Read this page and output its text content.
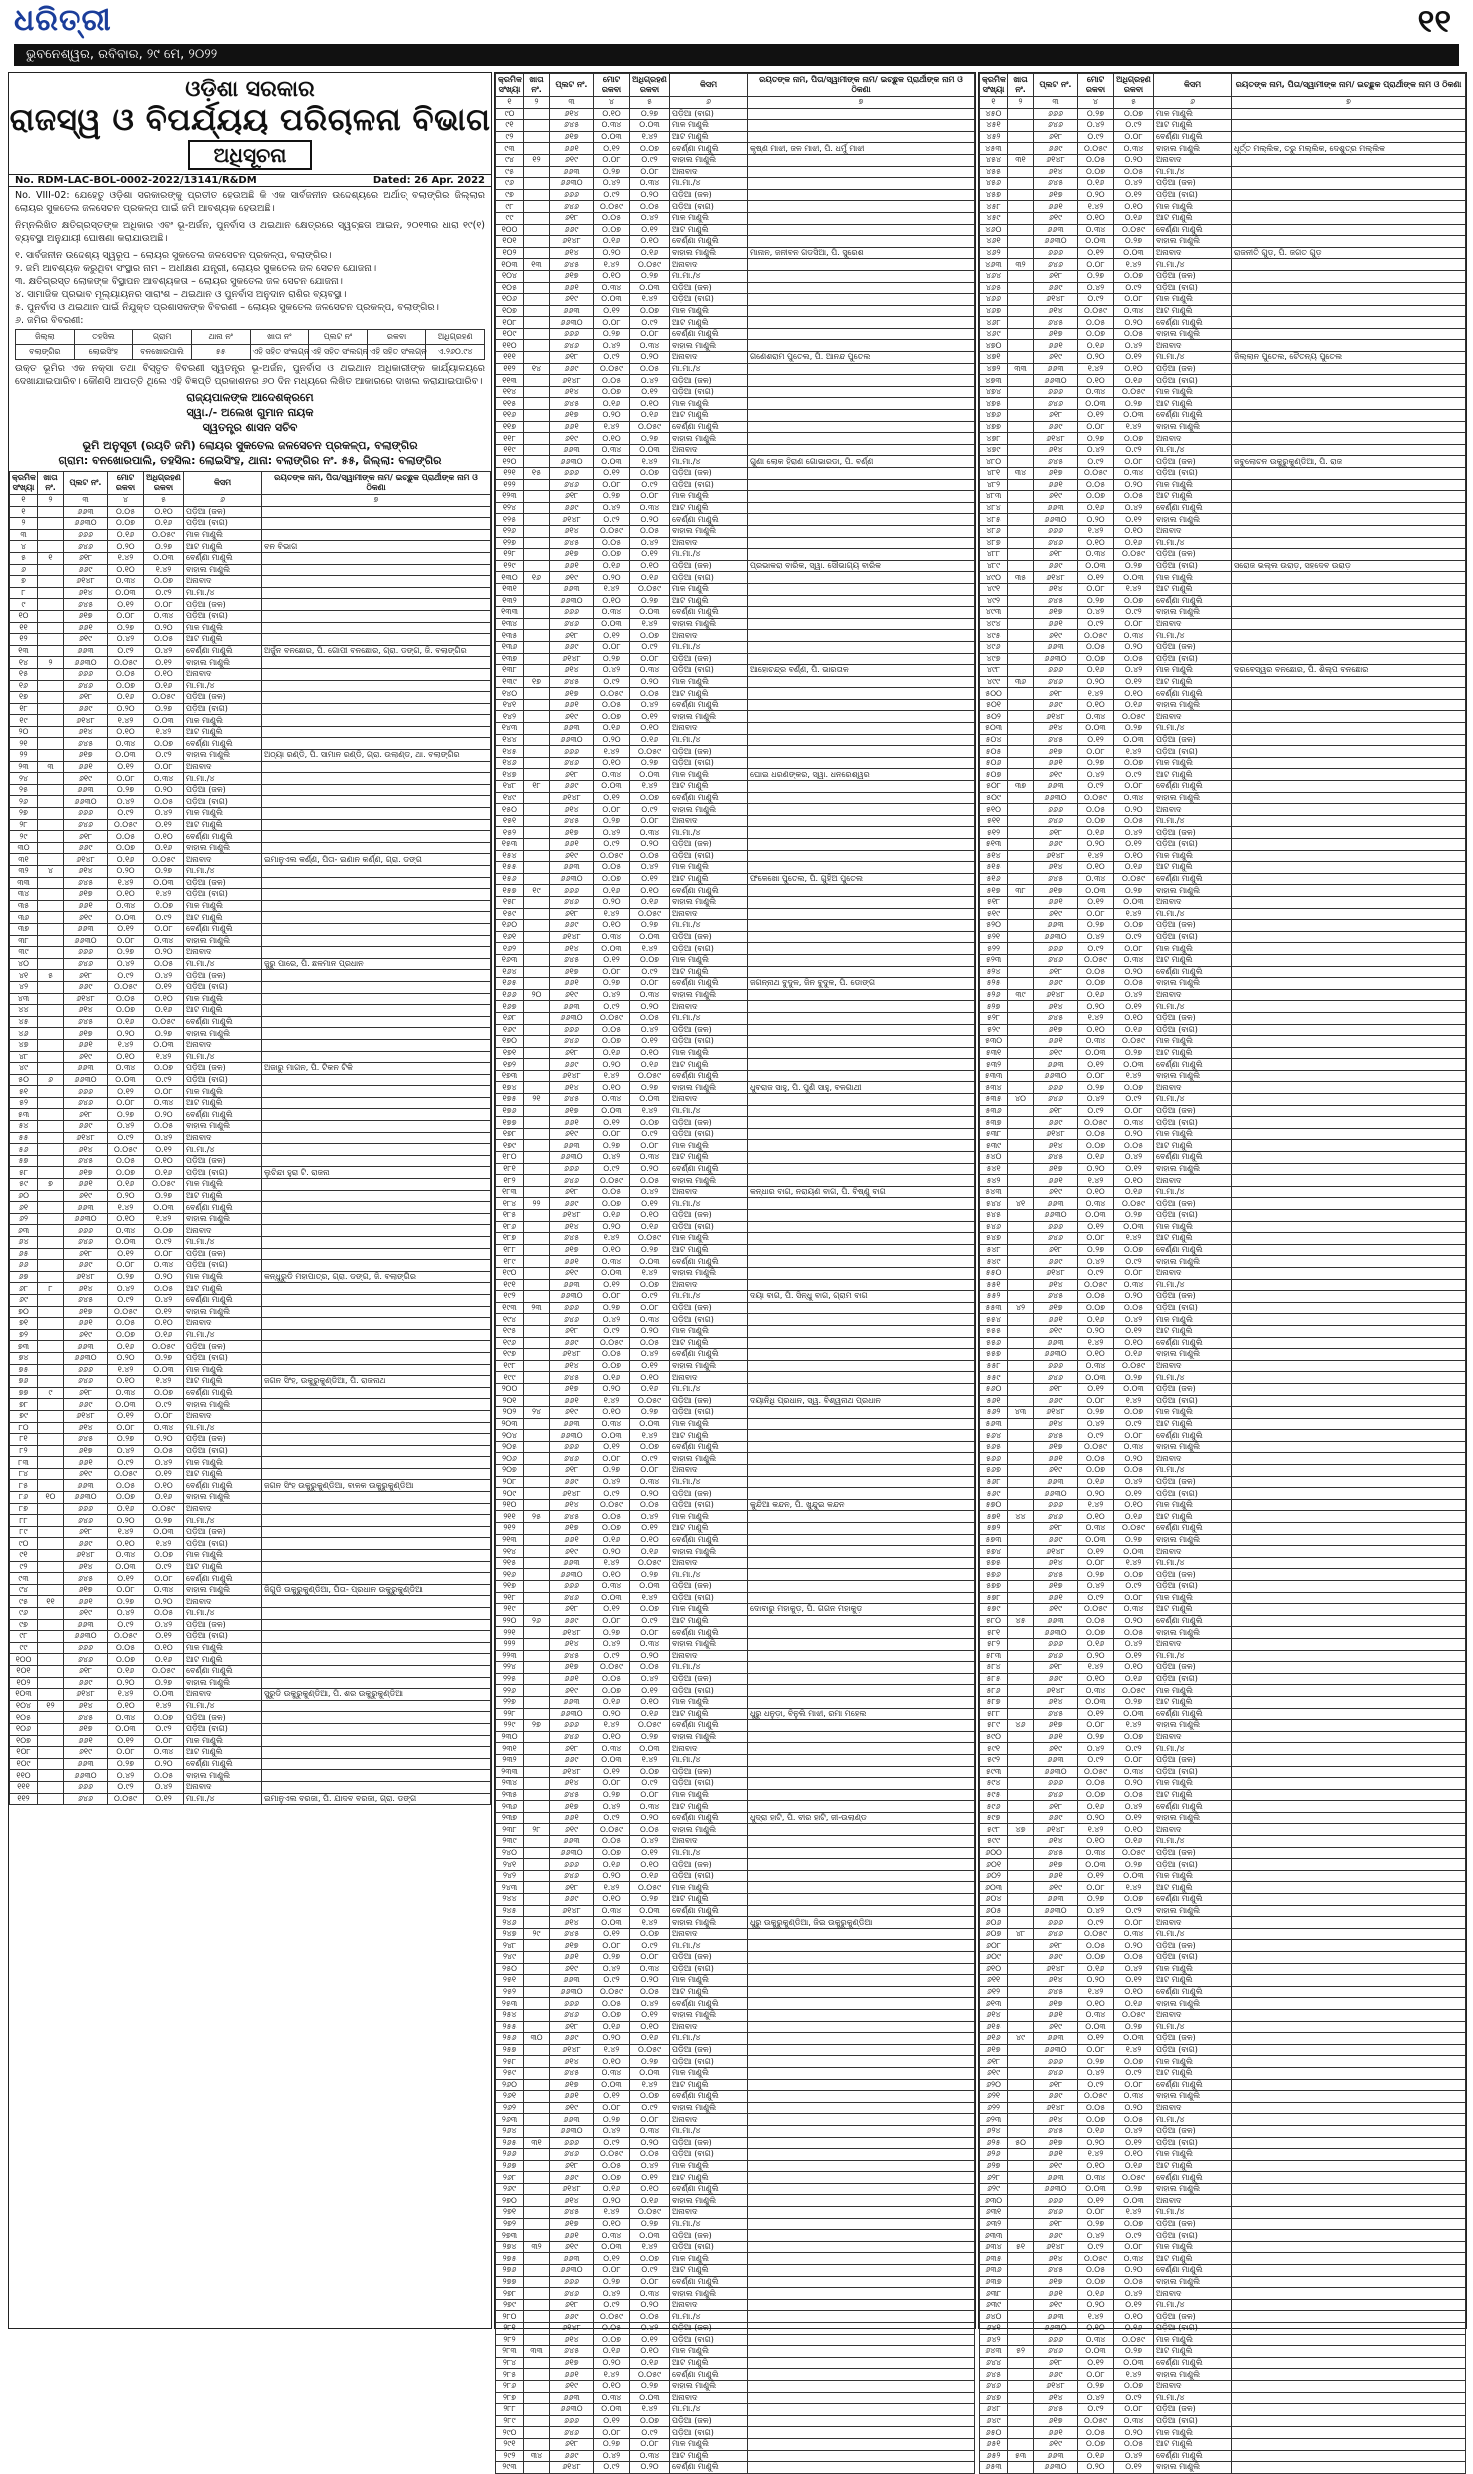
ଧରିତ୍ରୀ	୧୧
ଭୁବନେଶ୍ୱର, ରବିବାର, ୨୯ ମେ, ୨୦୨୨
ଓଡ଼ିଶା ସରକାର
ରାଜସ୍ୱ ଓ ବିପର୍ଯ୍ୟୟ ପରିଚାଳନା ବିଭାଗ
ଅଧିସୂଚନା
No. RDM-LAC-BOL-0002-2022/13141/R&DM	Dated: 26 Apr. 2022
No. VIII-02: ଯେହେତୁ ଓଡ଼ିଶା ସରକାରଙ୍କୁ ପ୍ରତୀତ ହେଉଅଛି କି ଏକ ସାର୍ବଜନୀନ ଉଦ୍ଦେଶ୍ୟରେ ଅର୍ଥାତ୍ ବଲାଙ୍ଗିର ଜିଲ୍ଲାର ଲୋୟର ସୁକତେଲ ଜଳସେଚନ ପ୍ରକଳ୍ପ ପାଇଁ ଜମି ଆବଶ୍ୟକ ହେଉଅଛି।
ନିମ୍ନଲିଖିତ କ୍ଷତିଗ୍ରସ୍ତଙ୍କ ଅଧିକାର ଏବଂ ଭୂ-ଅର୍ଜନ, ପୁନର୍ବାସ ଓ ଥଇଥାନ କ୍ଷେତ୍ରରେ ସ୍ୱଚ୍ଛତା ଆଇନ, ୨୦୧୩ର ଧାରା ୧୯(୧) ବ୍ୟବସ୍ଥା ଅନୁଯାୟୀ ଘୋଷଣା କରାଯାଉଅଛି।
୧. ସାର୍ବଜନୀନ ଉଦ୍ଦେଶ୍ୟ ସ୍ୱରୂପ – ଲୋୟର ସୁକତେଲ ଜଳସେଚନ ପ୍ରକଳ୍ପ, ବଲାଙ୍ଗିର।
୨. ଜମି ଆବଶ୍ୟକ କରୁଥିବା ସଂସ୍ଥାର ନାମ – ଅଧୀକ୍ଷଣ ଯନ୍ତ୍ରୀ, ଲୋୟର ସୁକତେଲ ଜଳ ସେଚନ ଯୋଜନା।
୩. କ୍ଷତିଗ୍ରସ୍ତ ଲୋକଙ୍କ ବିସ୍ଥାପନ ଆବଶ୍ୟକତା – ଲୋୟର ସୁକତେଲ ଜଳ ସେଚନ ଯୋଜନା।
୪. ସାମାଜିକ ପ୍ରଭାବ ମୂଲ୍ୟାୟନର ସାରାଂଶ – ଥଇଥାନ ଓ ପୁନର୍ବାସ ଅନୁଦାନ ରାଶିର ବ୍ୟବସ୍ଥା।
୫. ପୁନର୍ବାସ ଓ ଥଇଥାନ ପାଇଁ ନିଯୁକ୍ତ ପ୍ରଶାସକଙ୍କ ବିବରଣୀ – ଲୋୟର ସୁକତେଲ ଜଳସେଚନ ପ୍ରକଳ୍ପ, ବଲାଙ୍ଗିର।
୬. ଜମିର ବିବରଣୀ:
ଜିଲ୍ଲା	ତହସିଲ	ଗ୍ରାମ	ଥାନା ନଂ	ଖାତା ନଂ	ପ୍ଲଟ ନଂ	ରକବା	ଅଧିଗ୍ରହଣ
ବଲାଙ୍ଗିର	ଲୋଇସିଂହ	ବନଖୋରପାଲି	୫୫	ଏହି ସହିତ ସଂଲଗ୍ନ	ଏହି ସହିତ ସଂଲଗ୍ନ	ଏହି ସହିତ ସଂଲଗ୍ନ	ଏ.୨୬୦.୯୪
ଉକ୍ତ ଭୂମିର ଏକ ନକ୍ସା ତଥା ବିସ୍ତୃତ ବିବରଣୀ ସ୍ୱତନ୍ତ୍ର ଭୂ-ଅର୍ଜନ, ପୁନର୍ବାସ ଓ ଥଇଥାନ ଅଧିକାରୀଙ୍କ କାର୍ଯ୍ୟାଳୟରେ ଦେଖାଯାଇପାରିବ। କୌଣସି ଆପତ୍ତି ଥିଲେ ଏହି ବିଜ୍ଞପ୍ତି ପ୍ରକାଶନର ୬୦ ଦିନ ମଧ୍ୟରେ ଲିଖିତ ଆକାରରେ ଦାଖଲ କରାଯାଇପାରିବ।
ରାଜ୍ୟପାଳଙ୍କ ଆଦେଶକ୍ରମେ
ସ୍ୱା./- ଅଲେଖ ଗୁମାନ ନାୟକ
ସ୍ୱତନ୍ତ୍ର ଶାସନ ସଚିବ
ଭୂମି ଅନୁସୂଚୀ (ରୟତି ଜମି) ଲୋୟର ସୁକତେଲ ଜଳସେଚନ ପ୍ରକଳ୍ପ, ବଲାଙ୍ଗିର
ଗ୍ରାମ: ବନଖୋରପାଲି, ତହସିଲ: ଲୋଇସିଂହ, ଥାନା: ବଲାଙ୍ଗିର ନଂ. ୫୫, ଜିଲ୍ଲା: ବଲାଙ୍ଗିର
କ୍ରମିକ ସଂଖ୍ୟା	ଖାତା ନଂ.	ପ୍ଲଟ ନଂ.	ମୋଟ ରକବା	ଅଧିଗ୍ରହଣ ରକବା	କିସମ	ରୟତଙ୍କ ନାମ, ପିତା/ସ୍ୱାମୀଙ୍କ ନାମ/ ଇଚ୍ଛୁକ ପ୍ରାର୍ଥୀଙ୍କ ନାମ ଓ ଠିକଣା
୧	୨	୩	୪	୫	୬	୭
୧		୬୬୩	୦.୦୫	୦.୧୦	ପଡ଼ିଆ (ଜଳ)	
୨		୬୬୩୦	୦.୦୭	୦.୧୬	ପଡ଼ିଆ (ବାଗ)	
୩		୬୬୬	୦.୧୬	୦.୦୫୯	ମାଳ ମାଣୁଲି	
୪		୬୪୬	୦.୨୦	୦.୨୭	ଆଟ ମାଣୁଲି	ବନ ବିଭାଗ
୫	୧	୬୧୮	୧.୪୨	୦.୦୩	ବେର୍ଣ୍ଣା ମାଣୁଲି	
୬		୬୬୯	୦.୧୦	୧.୪୨	ବାହାଲ ମାଣୁଲି	
୭		୬୧୪୮	୦.୩୪	୦.୦୭	ଅନାବାଦ	
୮		୬୧୪	୦.୦୩	୦.୯୨	ମା.ମା./୪	
୯		୬୪୫	୦.୧୨	୦.୦୮	ପଡ଼ିଆ (ଜଳ)	
୧୦		୬୧୭	୦.୦୮	୦.୩୪	ପଡ଼ିଆ (ବାଗ)	
୧୧		୬୬୧	୦.୨୭	୦.୨୦	ମାଳ ମାଣୁଲି	
୧୨		୬୧୯	୦.୪୨	୦.୦୫	ଆଟ ମାଣୁଲି	
୧୩		୬୬୩	୦.୯୨	୦.୪୨	ବେର୍ଣ୍ଣା ମାଣୁଲି	ଅର୍ଜୁନ ବନଛୋର, ପି. ଗୋପୀ ବନଛୋର, ଗ୍ରା. ଡଙ୍ଗ, ଜି. ବଲାଙ୍ଗିର
୧୪	୨	୬୬୩୦	୦.୦୫୯	୦.୧୨	ବାହାଲ ମାଣୁଲି	
୧୫		୬୬୬	୦.୦୫	୦.୧୦	ଅନାବାଦ	
୧୬		୬୪୬	୦.୦୭	୦.୧୬	ମା.ମା./୪	
୧୭		୬୧୮	୦.୧୬	୦.୦୫୯	ପଡ଼ିଆ (ଜଳ)	
୧୮		୬୬୯	୦.୨୦	୦.୨୭	ପଡ଼ିଆ (ବାଗ)	
୧୯		୬୧୪୮	୧.୪୨	୦.୦୩	ମାଳ ମାଣୁଲି	
୨୦		୬୧୪	୦.୧୦	୧.୪୨	ଆଟ ମାଣୁଲି	
୨୧		୬୪୫	୦.୩୪	୦.୦୭	ବେର୍ଣ୍ଣା ମାଣୁଲି	
୨୨		୬୧୭	୦.୦୩	୦.୯୨	ବାହାଲ ମାଣୁଲି	ଅଠ୍ୟା ରଣ୍ଡି, ପି. ସାମାନ ରଣ୍ଡି, ଗ୍ରା. ଉଲାଣ୍ଡ, ଥା. ବଲାଙ୍ଗିର
୨୩	୩	୬୬୧	୦.୧୨	୦.୦୮	ଅନାବାଦ	
୨୪		୬୧୯	୦.୦୮	୦.୩୪	ମା.ମା./୪	
୨୫		୬୬୩	୦.୨୭	୦.୨୦	ପଡ଼ିଆ (ଜଳ)	
୨୬		୬୬୩୦	୦.୪୨	୦.୦୫	ପଡ଼ିଆ (ବାଗ)	
୨୭		୬୬୬	୦.୯୨	୦.୪୨	ମାଳ ମାଣୁଲି	
୨୮		୬୪୬	୦.୦୫୯	୦.୧୨	ଆଟ ମାଣୁଲି	
୨୯		୬୧୮	୦.୦୫	୦.୧୦	ବେର୍ଣ୍ଣା ମାଣୁଲି	
୩୦		୬୬୯	୦.୦୭	୦.୧୬	ବାହାଲ ମାଣୁଲି	
୩୧		୬୧୪୮	୦.୧୬	୦.୦୫୯	ଅନାବାଦ	ଇମାନୁଏଲ କର୍ଣ୍ଣ, ପିତା- ଇଣାନ କର୍ଣ୍ଣ, ଗ୍ରା. ଡଙ୍ଗ
୩୨	୪	୬୧୪	୦.୨୦	୦.୨୭	ମା.ମା./୪	
୩୩		୬୪୫	୧.୪୨	୦.୦୩	ପଡ଼ିଆ (ଜଳ)	
୩୪		୬୧୭	୦.୧୦	୧.୪୨	ପଡ଼ିଆ (ବାଗ)	
୩୫		୬୬୧	୦.୩୪	୦.୦୭	ମାଳ ମାଣୁଲି	
୩୬		୬୧୯	୦.୦୩	୦.୯୨	ଆଟ ମାଣୁଲି	
୩୭		୬୬୩	୦.୧୨	୦.୦୮	ବେର୍ଣ୍ଣା ମାଣୁଲି	
୩୮		୬୬୩୦	୦.୦୮	୦.୩୪	ବାହାଲ ମାଣୁଲି	
୩୯		୬୬୬	୦.୨୭	୦.୨୦	ଅନାବାଦ	
୪୦		୬୪୬	୦.୪୨	୦.୦୫	ମା.ମା./୪	ଜୁରୁ ପାରେ, ପି. ଛଳମାନ ପ୍ରଧାନ
୪୧	୫	୬୧୮	୦.୯୨	୦.୪୨	ପଡ଼ିଆ (ଜଳ)	
୪୨		୬୬୯	୦.୦୫୯	୦.୧୨	ପଡ଼ିଆ (ବାଗ)	
୪୩		୬୧୪୮	୦.୦୫	୦.୧୦	ମାଳ ମାଣୁଲି	
୪୪		୬୧୪	୦.୦୭	୦.୧୬	ଆଟ ମାଣୁଲି	
୪୫		୬୪୫	୦.୧୬	୦.୦୫୯	ବେର୍ଣ୍ଣା ମାଣୁଲି	
୪୬		୬୧୭	୦.୨୦	୦.୨୭	ବାହାଲ ମାଣୁଲି	
୪୭		୬୬୧	୧.୪୨	୦.୦୩	ଅନାବାଦ	
୪୮		୬୧୯	୦.୧୦	୧.୪୨	ମା.ମା./୪	
୪୯		୬୬୩	୦.୩୪	୦.୦୭	ପଡ଼ିଆ (ଜଳ)	ଅଜାରୁ ମାଗନ, ପି. ଟିକନ ଟିକି
୫୦	୬	୬୬୩୦	୦.୦୩	୦.୯୨	ପଡ଼ିଆ (ବାଗ)	
୫୧		୬୬୬	୦.୧୨	୦.୦୮	ମାଳ ମାଣୁଲି	
୫୨		୬୪୬	୦.୦୮	୦.୩୪	ଆଟ ମାଣୁଲି	
୫୩		୬୧୮	୦.୨୭	୦.୨୦	ବେର୍ଣ୍ଣା ମାଣୁଲି	
୫୪		୬୬୯	୦.୪୨	୦.୦୫	ବାହାଲ ମାଣୁଲି	
୫୫		୬୧୪୮	୦.୯୨	୦.୪୨	ଅନାବାଦ	
୫୬		୬୧୪	୦.୦୫୯	୦.୧୨	ମା.ମା./୪	
୫୭		୬୪୫	୦.୦୫	୦.୧୦	ପଡ଼ିଆ (ଜଳ)	
୫୮		୬୧୭	୦.୦୭	୦.୧୬	ପଡ଼ିଆ (ବାଗ)	ଲୁଚିନ୍ଦା ହୁରା ଟି. ରାଜନା
୫୯	୭	୬୬୧	୦.୧୬	୦.୦୫୯	ମାଳ ମାଣୁଲି	
୬୦		୬୧୯	୦.୨୦	୦.୨୭	ଆଟ ମାଣୁଲି	
୬୧		୬୬୩	୧.୪୨	୦.୦୩	ବେର୍ଣ୍ଣା ମାଣୁଲି	
୬୨		୬୬୩୦	୦.୧୦	୧.୪୨	ବାହାଲ ମାଣୁଲି	
୬୩		୬୬୬	୦.୩୪	୦.୦୭	ଅନାବାଦ	
୬୪		୬୪୬	୦.୦୩	୦.୯୨	ମା.ମା./୪	
୬୫		୬୧୮	୦.୧୨	୦.୦୮	ପଡ଼ିଆ (ଜଳ)	
୬୬		୬୬୯	୦.୦୮	୦.୩୪	ପଡ଼ିଆ (ବାଗ)	
୬୭		୬୧୪୮	୦.୨୭	୦.୨୦	ମାଳ ମାଣୁଲି	କନ୍ଧୁରୁଡି ମହାପାତ୍ର, ଗ୍ରା. ଡଙ୍ଗ, ଜି. ବଲାଙ୍ଗିର
୬୮	୮	୬୧୪	୦.୪୨	୦.୦୫	ଆଟ ମାଣୁଲି	
୬୯		୬୪୫	୦.୯୨	୦.୪୨	ବେର୍ଣ୍ଣା ମାଣୁଲି	
୭୦		୬୧୭	୦.୦୫୯	୦.୧୨	ବାହାଲ ମାଣୁଲି	
୭୧		୬୬୧	୦.୦୫	୦.୧୦	ଅନାବାଦ	
୭୨		୬୧୯	୦.୦୭	୦.୧୬	ମା.ମା./୪	
୭୩		୬୬୩	୦.୧୬	୦.୦୫୯	ପଡ଼ିଆ (ଜଳ)	
୭୪		୬୬୩୦	୦.୨୦	୦.୨୭	ପଡ଼ିଆ (ବାଗ)	
୭୫		୬୬୬	୧.୪୨	୦.୦୩	ମାଳ ମାଣୁଲି	
୭୬		୬୪୬	୦.୧୦	୧.୪୨	ଆଟ ମାଣୁଲି	ଜଗନ ସିଂହ, ଉକୁରୁକୁଣ୍ଡିଆ, ପି. ରାଜନାଥ
୭୭	୯	୬୧୮	୦.୩୪	୦.୦୭	ବେର୍ଣ୍ଣା ମାଣୁଲି	
୭୮		୬୬୯	୦.୦୩	୦.୯୨	ବାହାଲ ମାଣୁଲି	
୭୯		୬୧୪୮	୦.୧୨	୦.୦୮	ଅନାବାଦ	
୮୦		୬୧୪	୦.୦୮	୦.୩୪	ମା.ମା./୪	
୮୧		୬୪୫	୦.୨୭	୦.୨୦	ପଡ଼ିଆ (ଜଳ)	
୮୨		୬୧୭	୦.୪୨	୦.୦୫	ପଡ଼ିଆ (ବାଗ)	
୮୩		୬୬୧	୦.୯୨	୦.୪୨	ମାଳ ମାଣୁଲି	
୮୪		୬୧୯	୦.୦୫୯	୦.୧୨	ଆଟ ମାଣୁଲି	
୮୫		୬୬୩	୦.୦୫	୦.୧୦	ବେର୍ଣ୍ଣା ମାଣୁଲି	ଜଗନ ସିଂହ ଉକୁରୁକୁଣ୍ଡିଆ, ବାଳକ ଉକୁରୁକୁଣ୍ଡିଆ
୮୬	୧୦	୬୬୩୦	୦.୦୭	୦.୧୬	ବାହାଲ ମାଣୁଲି	
୮୭		୬୬୬	୦.୧୬	୦.୦୫୯	ଅନାବାଦ	
୮୮		୬୪୬	୦.୨୦	୦.୨୭	ମା.ମା./୪	
୮୯		୬୧୮	୧.୪୨	୦.୦୩	ପଡ଼ିଆ (ଜଳ)	
୯୦		୬୬୯	୦.୧୦	୧.୪୨	ପଡ଼ିଆ (ବାଗ)	
୯୧		୬୧୪୮	୦.୩୪	୦.୦୭	ମାଳ ମାଣୁଲି	
୯୨		୬୧୪	୦.୦୩	୦.୯୨	ଆଟ ମାଣୁଲି	
୯୩		୬୪୫	୦.୧୨	୦.୦୮	ବେର୍ଣ୍ଣା ମାଣୁଲି	
୯୪		୬୧୭	୦.୦୮	୦.୩୪	ବାହାଲ ମାଣୁଲି	ଜିଗୁଡି ଉକୁରୁକୁଣ୍ଡିଆ, ପିତା- ପ୍ରଧାନ ଉକୁରୁକୁଣ୍ଡିଆ
୯୫	୧୧	୬୬୧	୦.୨୭	୦.୨୦	ଅନାବାଦ	
୯୬		୬୧୯	୦.୪୨	୦.୦୫	ମା.ମା./୪	
୯୭		୬୬୩	୦.୯୨	୦.୪୨	ପଡ଼ିଆ (ଜଳ)	
୯୮		୬୬୩୦	୦.୦୫୯	୦.୧୨	ପଡ଼ିଆ (ବାଗ)	
୯୯		୬୬୬	୦.୦୫	୦.୧୦	ମାଳ ମାଣୁଲି	
୧୦୦		୬୪୬	୦.୦୭	୦.୧୬	ଆଟ ମାଣୁଲି	
୧୦୧		୬୧୮	୦.୧୬	୦.୦୫୯	ବେର୍ଣ୍ଣା ମାଣୁଲି	
୧୦୨		୬୬୯	୦.୨୦	୦.୨୭	ବାହାଲ ମାଣୁଲି	
୧୦୩		୬୧୪୮	୧.୪୨	୦.୦୩	ଅନାବାଦ	ସୁରୁଡି ଉକୁରୁକୁଣ୍ଡିଆ, ପି. ଶର ଉକୁରୁକୁଣ୍ଡିଆ
୧୦୪	୧୨	୬୧୪	୦.୧୦	୧.୪୨	ମା.ମା./୪	
୧୦୫		୬୪୫	୦.୩୪	୦.୦୭	ପଡ଼ିଆ (ଜଳ)	
୧୦୬		୬୧୭	୦.୦୩	୦.୯୨	ପଡ଼ିଆ (ବାଗ)	
୧୦୭		୬୬୧	୦.୧୨	୦.୦୮	ମାଳ ମାଣୁଲି	
୧୦୮		୬୧୯	୦.୦୮	୦.୩୪	ଆଟ ମାଣୁଲି	
୧୦୯		୬୬୩	୦.୨୭	୦.୨୦	ବେର୍ଣ୍ଣା ମାଣୁଲି	
୧୧୦		୬୬୩୦	୦.୪୨	୦.୦୫	ବାହାଲ ମାଣୁଲି	
୧୧୧		୬୬୬	୦.୯୨	୦.୪୨	ଅନାବାଦ	
୧୧୨		୬୪୬	୦.୦୫୯	୦.୧୨	ମା.ମା./୪	ଇମାନୁଏଲ ବରଜା, ପି. ଯାଦବ ବରଜା, ଗ୍ରା. ଡଙ୍ଗ
କ୍ରମିକ ସଂଖ୍ୟା	ଖାତା ନଂ.	ପ୍ଲଟ ନଂ.	ମୋଟ ରକବା	ଅଧିଗ୍ରହଣ ରକବା	କିସମ	ରୟତଙ୍କ ନାମ, ପିତା/ସ୍ୱାମୀଙ୍କ ନାମ/ ଇଚ୍ଛୁକ ପ୍ରାର୍ଥୀଙ୍କ ନାମ ଓ ଠିକଣା
୧	୨	୩	୪	୫	୬	୭
୯୦		୬୧୪	୦.୧୦	୦.୨୭	ପଡ଼ିଆ (ବାଗ)	
୯୧		୬୪୫	୦.୩୪	୦.୦୩	ମାଳ ମାଣୁଲି	
୯୨		୬୧୭	୦.୦୩	୧.୪୨	ଆଟ ମାଣୁଲି	
୯୩		୬୬୧	୦.୧୨	୦.୦୭	ବେର୍ଣ୍ଣା ମାଣୁଲି	କୃଷ୍ଣ ମାଝୀ, ଜଳ ମାଝୀ, ପି. ଧର୍ମୁ ମାଝୀ
୯୪	୧୨	୬୧୯	୦.୦୮	୦.୯୨	ବାହାଲ ମାଣୁଲି	
୯୫		୬୬୩	୦.୨୭	୦.୦୮	ଅନାବାଦ	
୯୬		୬୬୩୦	୦.୪୨	୦.୩୪	ମା.ମା./୪	
୯୭		୬୬୬	୦.୯୨	୦.୨୦	ପଡ଼ିଆ (ଜଳ)	
୯୮		୬୪୬	୦.୦୫୯	୦.୦୫	ପଡ଼ିଆ (ବାଗ)	
୯୯		୬୧୮	୦.୦୫	୦.୪୨	ମାଳ ମାଣୁଲି	
୧୦୦		୬୬୯	୦.୦୭	୦.୧୨	ଆଟ ମାଣୁଲି	
୧୦୧		୬୧୪୮	୦.୧୬	୦.୧୦	ବେର୍ଣ୍ଣା ମାଣୁଲି	
୧୦୨		୬୧୪	୦.୨୦	୦.୧୬	ବାହାଲ ମାଣୁଲି	ମାନାନ, ଜନୀବନ ଗଡସିଆ, ପି. ସୁରେଶ
୧୦୩	୧୩	୬୪୫	୧.୪୨	୦.୦୫୯	ଅନାବାଦ	
୧୦୪		୬୧୭	୦.୧୦	୦.୨୭	ମା.ମା./୪	
୧୦୫		୬୬୧	୦.୩୪	୦.୦୩	ପଡ଼ିଆ (ଜଳ)	
୧୦୬		୬୧୯	୦.୦୩	୧.୪୨	ପଡ଼ିଆ (ବାଗ)	
୧୦୭		୬୬୩	୦.୧୨	୦.୦୭	ମାଳ ମାଣୁଲି	
୧୦୮		୬୬୩୦	୦.୦୮	୦.୯୨	ଆଟ ମାଣୁଲି	
୧୦୯		୬୬୬	୦.୨୭	୦.୦୮	ବେର୍ଣ୍ଣା ମାଣୁଲି	
୧୧୦		୬୪୬	୦.୪୨	୦.୩୪	ବାହାଲ ମାଣୁଲି	
୧୧୧		୬୧୮	୦.୯୨	୦.୨୦	ଅନାବାଦ	ଗଣେଶରାମ ପୁତେଲ, ପି. ଆନନ୍ଦ ପୁତେଲ
୧୧୨	୧୪	୬୬୯	୦.୦୫୯	୦.୦୫	ମା.ମା./୪	
୧୧୩		୬୧୪୮	୦.୦୫	୦.୪୨	ପଡ଼ିଆ (ଜଳ)	
୧୧୪		୬୧୪	୦.୦୭	୦.୧୨	ପଡ଼ିଆ (ବାଗ)	
୧୧୫		୬୪୫	୦.୧୬	୦.୧୦	ମାଳ ମାଣୁଲି	
୧୧୬		୬୧୭	୦.୨୦	୦.୧୬	ଆଟ ମାଣୁଲି	
୧୧୭		୬୬୧	୧.୪୨	୦.୦୫୯	ବେର୍ଣ୍ଣା ମାଣୁଲି	
୧୧୮		୬୧୯	୦.୧୦	୦.୨୭	ବାହାଲ ମାଣୁଲି	
୧୧୯		୬୬୩	୦.୩୪	୦.୦୩	ଅନାବାଦ	
୧୨୦		୬୬୩୦	୦.୦୩	୧.୪୨	ମା.ମା./୪	ଗୁଣା ଲୋକ ହିରାଣ ଗୋଭାରଡା, ପି. ବର୍ଣ୍ଣ
୧୨୧	୧୫	୬୬୬	୦.୧୨	୦.୦୭	ପଡ଼ିଆ (ଜଳ)	
୧୨୨		୬୪୬	୦.୦୮	୦.୯୨	ପଡ଼ିଆ (ବାଗ)	
୧୨୩		୬୧୮	୦.୨୭	୦.୦୮	ମାଳ ମାଣୁଲି	
୧୨୪		୬୬୯	୦.୪୨	୦.୩୪	ଆଟ ମାଣୁଲି	
୧୨୫		୬୧୪୮	୦.୯୨	୦.୨୦	ବେର୍ଣ୍ଣା ମାଣୁଲି	
୧୨୬		୬୧୪	୦.୦୫୯	୦.୦୫	ବାହାଲ ମାଣୁଲି	
୧୨୭		୬୪୫	୦.୦୫	୦.୪୨	ଅନାବାଦ	
୧୨୮		୬୧୭	୦.୦୭	୦.୧୨	ମା.ମା./୪	
୧୨୯		୬୬୧	୦.୧୬	୦.୧୦	ପଡ଼ିଆ (ଜଳ)	ପ୍ରଭାକରା ବାରିକ, ସ୍ୱା. ସୌଭାଗ୍ୟ ବାରିକ
୧୩୦	୧୬	୬୧୯	୦.୨୦	୦.୧୬	ପଡ଼ିଆ (ବାଗ)	
୧୩୧		୬୬୩	୧.୪୨	୦.୦୫୯	ମାଳ ମାଣୁଲି	
୧୩୨		୬୬୩୦	୦.୧୦	୦.୨୭	ଆଟ ମାଣୁଲି	
୧୩୩		୬୬୬	୦.୩୪	୦.୦୩	ବେର୍ଣ୍ଣା ମାଣୁଲି	
୧୩୪		୬୪୬	୦.୦୩	୧.୪୨	ବାହାଲ ମାଣୁଲି	
୧୩୫		୬୧୮	୦.୧୨	୦.୦୭	ଅନାବାଦ	
୧୩୬		୬୬୯	୦.୦୮	୦.୯୨	ମା.ମା./୪	
୧୩୭		୬୧୪୮	୦.୨୭	୦.୦୮	ପଡ଼ିଆ (ଜଳ)	
୧୩୮		୬୧୪	୦.୪୨	୦.୩୪	ପଡ଼ିଆ (ବାଗ)	ଆହୋଚନ୍ଦ୍ର ବର୍ଣ୍ଣ, ପି. ଭାରତାଳ
୧୩୯	୧୭	୬୪୫	୦.୯୨	୦.୨୦	ମାଳ ମାଣୁଲି	
୧୪୦		୬୧୭	୦.୦୫୯	୦.୦୫	ଆଟ ମାଣୁଲି	
୧୪୧		୬୬୧	୦.୦୫	୦.୪୨	ବେର୍ଣ୍ଣା ମାଣୁଲି	
୧୪୨		୬୧୯	୦.୦୭	୦.୧୨	ବାହାଲ ମାଣୁଲି	
୧୪୩		୬୬୩	୦.୧୬	୦.୧୦	ଅନାବାଦ	
୧୪୪		୬୬୩୦	୦.୨୦	୦.୧୬	ମା.ମା./୪	
୧୪୫		୬୬୬	୧.୪୨	୦.୦୫୯	ପଡ଼ିଆ (ଜଳ)	
୧୪୬		୬୪୬	୦.୧୦	୦.୨୭	ପଡ଼ିଆ (ବାଗ)	
୧୪୭		୬୧୮	୦.୩୪	୦.୦୩	ମାଳ ମାଣୁଲି	ଘୋଇ ଧରଣଙ୍କର, ସ୍ୱା. ଧନରେଶ୍ୱର
୧୪୮	୧୮	୬୬୯	୦.୦୩	୧.୪୨	ଆଟ ମାଣୁଲି	
୧୪୯		୬୧୪୮	୦.୧୨	୦.୦୭	ବେର୍ଣ୍ଣା ମାଣୁଲି	
୧୫୦		୬୧୪	୦.୦୮	୦.୯୨	ବାହାଲ ମାଣୁଲି	
୧୫୧		୬୪୫	୦.୨୭	୦.୦୮	ଅନାବାଦ	
୧୫୨		୬୧୭	୦.୪୨	୦.୩୪	ମା.ମା./୪	
୧୫୩		୬୬୧	୦.୯୨	୦.୨୦	ପଡ଼ିଆ (ଜଳ)	
୧୫୪		୬୧୯	୦.୦୫୯	୦.୦୫	ପଡ଼ିଆ (ବାଗ)	
୧୫୫		୬୬୩	୦.୦୫	୦.୪୨	ମାଳ ମାଣୁଲି	
୧୫୬		୬୬୩୦	୦.୦୭	୦.୧୨	ଆଟ ମାଣୁଲି	ଫଳେଖୋ ପୁତେଲ, ପି. ଗୁହିଅ ପୁତେଲ
୧୫୭	୧୯	୬୬୬	୦.୧୬	୦.୧୦	ବେର୍ଣ୍ଣା ମାଣୁଲି	
୧୫୮		୬୪୬	୦.୨୦	୦.୧୬	ବାହାଲ ମାଣୁଲି	
୧୫୯		୬୧୮	୧.୪୨	୦.୦୫୯	ଅନାବାଦ	
୧୬୦		୬୬୯	୦.୧୦	୦.୨୭	ମା.ମା./୪	
୧୬୧		୬୧୪୮	୦.୩୪	୦.୦୩	ପଡ଼ିଆ (ଜଳ)	
୧୬୨		୬୧୪	୦.୦୩	୧.୪୨	ପଡ଼ିଆ (ବାଗ)	
୧୬୩		୬୪୫	୦.୧୨	୦.୦୭	ମାଳ ମାଣୁଲି	
୧୬୪		୬୧୭	୦.୦୮	୦.୯୨	ଆଟ ମାଣୁଲି	
୧୬୫		୬୬୧	୦.୨୭	୦.୦୮	ବେର୍ଣ୍ଣା ମାଣୁଲି	ଜଗନ୍ନାଥ ବୁଦୁଳ, ଜିନ ବୁଦୁଳ, ପି. ଡୋଙ୍ଗ
୧୬୬	୨୦	୬୧୯	୦.୪୨	୦.୩୪	ବାହାଲ ମାଣୁଲି	
୧୬୭		୬୬୩	୦.୯୨	୦.୨୦	ଅନାବାଦ	
୧୬୮		୬୬୩୦	୦.୦୫୯	୦.୦୫	ମା.ମା./୪	
୧୬୯		୬୬୬	୦.୦୫	୦.୪୨	ପଡ଼ିଆ (ଜଳ)	
୧୭୦		୬୪୬	୦.୦୭	୦.୧୨	ପଡ଼ିଆ (ବାଗ)	
୧୭୧		୬୧୮	୦.୧୬	୦.୧୦	ମାଳ ମାଣୁଲି	
୧୭୨		୬୬୯	୦.୨୦	୦.୧୬	ଆଟ ମାଣୁଲି	
୧୭୩		୬୧୪୮	୧.୪୨	୦.୦୫୯	ବେର୍ଣ୍ଣା ମାଣୁଲି	
୧୭୪		୬୧୪	୦.୧୦	୦.୨୭	ବାହାଲ ମାଣୁଲି	ଧୁବରାଜ ସାହୁ, ପି. ପୁଣି ସାହୁ, ବଳଗାଥୀ
୧୭୫	୨୧	୬୪୫	୦.୩୪	୦.୦୩	ଅନାବାଦ	
୧୭୬		୬୧୭	୦.୦୩	୧.୪୨	ମା.ମା./୪	
୧୭୭		୬୬୧	୦.୧୨	୦.୦୭	ପଡ଼ିଆ (ଜଳ)	
୧୭୮		୬୧୯	୦.୦୮	୦.୯୨	ପଡ଼ିଆ (ବାଗ)	
୧୭୯		୬୬୩	୦.୨୭	୦.୦୮	ମାଳ ମାଣୁଲି	
୧୮୦		୬୬୩୦	୦.୪୨	୦.୩୪	ଆଟ ମାଣୁଲି	
୧୮୧		୬୬୬	୦.୯୨	୦.୨୦	ବେର୍ଣ୍ଣା ମାଣୁଲି	
୧୮୨		୬୪୬	୦.୦୫୯	୦.୦୫	ବାହାଲ ମାଣୁଲି	
୧୮୩		୬୧୮	୦.୦୫	୦.୪୨	ଅନାବାଦ	କନ୍ଧାର ବାଗ, ନରାୟଣ ବାଗ, ପି. ବିଷ୍ଣୁ ବାଗ
୧୮୪	୨୨	୬୬୯	୦.୦୭	୦.୧୨	ମା.ମା./୪	
୧୮୫		୬୧୪୮	୦.୧୬	୦.୧୦	ପଡ଼ିଆ (ଜଳ)	
୧୮୬		୬୧୪	୦.୨୦	୦.୧୬	ପଡ଼ିଆ (ବାଗ)	
୧୮୭		୬୪୫	୧.୪୨	୦.୦୫୯	ମାଳ ମାଣୁଲି	
୧୮୮		୬୧୭	୦.୧୦	୦.୨୭	ଆଟ ମାଣୁଲି	
୧୮୯		୬୬୧	୦.୩୪	୦.୦୩	ବେର୍ଣ୍ଣା ମାଣୁଲି	
୧୯୦		୬୧୯	୦.୦୩	୧.୪୨	ବାହାଲ ମାଣୁଲି	
୧୯୧		୬୬୩	୦.୧୨	୦.୦୭	ଅନାବାଦ	
୧୯୨		୬୬୩୦	୦.୦୮	୦.୯୨	ମା.ମା./୪	ଦୟା ବାଗ, ପି. ସିନ୍ଧୁ ବାଗ, ଗ୍ରାମ ବାଗ
୧୯୩	୨୩	୬୬୬	୦.୨୭	୦.୦୮	ପଡ଼ିଆ (ଜଳ)	
୧୯୪		୬୪୬	୦.୪୨	୦.୩୪	ପଡ଼ିଆ (ବାଗ)	
୧୯୫		୬୧୮	୦.୯୨	୦.୨୦	ମାଳ ମାଣୁଲି	
୧୯୬		୬୬୯	୦.୦୫୯	୦.୦୫	ଆଟ ମାଣୁଲି	
୧୯୭		୬୧୪୮	୦.୦୫	୦.୪୨	ବେର୍ଣ୍ଣା ମାଣୁଲି	
୧୯୮		୬୧୪	୦.୦୭	୦.୧୨	ବାହାଲ ମାଣୁଲି	
୧୯୯		୬୪୫	୦.୧୬	୦.୧୦	ଅନାବାଦ	
୨୦୦		୬୧୭	୦.୨୦	୦.୧୬	ମା.ମା./୪	
୨୦୧		୬୬୧	୧.୪୨	୦.୦୫୯	ପଡ଼ିଆ (ଜଳ)	ଦୟାନିଧି ପ୍ରଧାନ, ସ୍ୱ. ବିଶ୍ୱନାଥ ପ୍ରଧାନ
୨୦୨	୨୪	୬୧୯	୦.୧୦	୦.୨୭	ପଡ଼ିଆ (ବାଗ)	
୨୦୩		୬୬୩	୦.୩୪	୦.୦୩	ମାଳ ମାଣୁଲି	
୨୦୪		୬୬୩୦	୦.୦୩	୧.୪୨	ଆଟ ମାଣୁଲି	
୨୦୫		୬୬୬	୦.୧୨	୦.୦୭	ବେର୍ଣ୍ଣା ମାଣୁଲି	
୨୦୬		୬୪୬	୦.୦୮	୦.୯୨	ବାହାଲ ମାଣୁଲି	
୨୦୭		୬୧୮	୦.୨୭	୦.୦୮	ଅନାବାଦ	
୨୦୮		୬୬୯	୦.୪୨	୦.୩୪	ମା.ମା./୪	
୨୦୯		୬୧୪୮	୦.୯୨	୦.୨୦	ପଡ଼ିଆ (ଜଳ)	
୨୧୦		୬୧୪	୦.୦୫୯	୦.୦୫	ପଡ଼ିଆ (ବାଗ)	କୁନ୍ଦିଆ କନ୍ଦନ, ପି. ଖୁନ୍ଦୁଇ କନ୍ଦନ
୨୧୧	୨୫	୬୪୫	୦.୦୫	୦.୪୨	ମାଳ ମାଣୁଲି	
୨୧୨		୬୧୭	୦.୦୭	୦.୧୨	ଆଟ ମାଣୁଲି	
୨୧୩		୬୬୧	୦.୧୬	୦.୧୦	ବେର୍ଣ୍ଣା ମାଣୁଲି	
୨୧୪		୬୧୯	୦.୨୦	୦.୧୬	ବାହାଲ ମାଣୁଲି	
୨୧୫		୬୬୩	୧.୪୨	୦.୦୫୯	ଅନାବାଦ	
୨୧୬		୬୬୩୦	୦.୧୦	୦.୨୭	ମା.ମା./୪	
୨୧୭		୬୬୬	୦.୩୪	୦.୦୩	ପଡ଼ିଆ (ଜଳ)	
୨୧୮		୬୪୬	୦.୦୩	୧.୪୨	ପଡ଼ିଆ (ବାଗ)	
୨୧୯		୬୧୮	୦.୧୨	୦.୦୭	ମାଳ ମାଣୁଲି	ଦୋବାରୁ ମହାକୁଡ଼, ପି. ଗଗନ ମହାକୁଡ଼
୨୨୦	୨୬	୬୬୯	୦.୦୮	୦.୯୨	ଆଟ ମାଣୁଲି	
୨୨୧		୬୧୪୮	୦.୨୭	୦.୦୮	ବେର୍ଣ୍ଣା ମାଣୁଲି	
୨୨୨		୬୧୪	୦.୪୨	୦.୩୪	ବାହାଲ ମାଣୁଲି	
୨୨୩		୬୪୫	୦.୯୨	୦.୨୦	ଅନାବାଦ	
୨୨୪		୬୧୭	୦.୦୫୯	୦.୦୫	ମା.ମା./୪	
୨୨୫		୬୬୧	୦.୦୫	୦.୪୨	ପଡ଼ିଆ (ଜଳ)	
୨୨୬		୬୧୯	୦.୦୭	୦.୧୨	ପଡ଼ିଆ (ବାଗ)	
୨୨୭		୬୬୩	୦.୧୬	୦.୧୦	ମାଳ ମାଣୁଲି	
୨୨୮		୬୬୩୦	୦.୨୦	୦.୧୬	ଆଟ ମାଣୁଲି	ଧୁରୁ ଧନୁଡ଼ା, ବିନୁଲି ମାଝୀ, ରମା ମହେଲ
୨୨୯	୨୭	୬୬୬	୧.୪୨	୦.୦୫୯	ବେର୍ଣ୍ଣା ମାଣୁଲି	
୨୩୦		୬୪୬	୦.୧୦	୦.୨୭	ବାହାଲ ମାଣୁଲି	
୨୩୧		୬୧୮	୦.୩୪	୦.୦୩	ଅନାବାଦ	
୨୩୨		୬୬୯	୦.୦୩	୧.୪୨	ମା.ମା./୪	
୨୩୩		୬୧୪୮	୦.୧୨	୦.୦୭	ପଡ଼ିଆ (ଜଳ)	
୨୩୪		୬୧୪	୦.୦୮	୦.୯୨	ପଡ଼ିଆ (ବାଗ)	
୨୩୫		୬୪୫	୦.୨୭	୦.୦୮	ମାଳ ମାଣୁଲି	
୨୩୬		୬୧୭	୦.୪୨	୦.୩୪	ଆଟ ମାଣୁଲି	
୨୩୭		୬୬୧	୦.୯୨	୦.୨୦	ବେର୍ଣ୍ଣା ମାଣୁଲି	ଧୁଦ୍ରା ହାଟି, ପି. ବୀର ହାଟି, ଜୀ-ଉଲାଣ୍ଡ
୨୩୮	୨୮	୬୧୯	୦.୦୫୯	୦.୦୫	ବାହାଲ ମାଣୁଲି	
୨୩୯		୬୬୩	୦.୦୫	୦.୪୨	ଅନାବାଦ	
୨୪୦		୬୬୩୦	୦.୦୭	୦.୧୨	ମା.ମା./୪	
୨୪୧		୬୬୬	୦.୧୬	୦.୧୦	ପଡ଼ିଆ (ଜଳ)	
୨୪୨		୬୪୬	୦.୨୦	୦.୧୬	ପଡ଼ିଆ (ବାଗ)	
୨୪୩		୬୧୮	୧.୪୨	୦.୦୫୯	ମାଳ ମାଣୁଲି	
୨୪୪		୬୬୯	୦.୧୦	୦.୨୭	ଆଟ ମାଣୁଲି	
୨୪୫		୬୧୪୮	୦.୩୪	୦.୦୩	ବେର୍ଣ୍ଣା ମାଣୁଲି	
୨୪୬		୬୧୪	୦.୦୩	୧.୪୨	ବାହାଲ ମାଣୁଲି	ଧୁରୁ ଉକୁରୁକୁଣ୍ଡିଆ, ଜିଇ ଉକୁରୁକୁଣ୍ଡିଆ
୨୪୭	୨୯	୬୪୫	୦.୧୨	୦.୦୭	ଅନାବାଦ	
୨୪୮		୬୧୭	୦.୦୮	୦.୯୨	ମା.ମା./୪	
୨୪୯		୬୬୧	୦.୨୭	୦.୦୮	ପଡ଼ିଆ (ଜଳ)	
୨୫୦		୬୧୯	୦.୪୨	୦.୩୪	ପଡ଼ିଆ (ବାଗ)	
୨୫୧		୬୬୩	୦.୯୨	୦.୨୦	ମାଳ ମାଣୁଲି	
୨୫୨		୬୬୩୦	୦.୦୫୯	୦.୦୫	ଆଟ ମାଣୁଲି	
୨୫୩		୬୬୬	୦.୦୫	୦.୪୨	ବେର୍ଣ୍ଣା ମାଣୁଲି	
୨୫୪		୬୪୬	୦.୦୭	୦.୧୨	ବାହାଲ ମାଣୁଲି	
୨୫୫		୬୧୮	୦.୧୬	୦.୧୦	ଅନାବାଦ	
୨୫୬	୩୦	୬୬୯	୦.୨୦	୦.୧୬	ମା.ମା./୪	
୨୫୭		୬୧୪୮	୧.୪୨	୦.୦୫୯	ପଡ଼ିଆ (ଜଳ)	
୨୫୮		୬୧୪	୦.୧୦	୦.୨୭	ପଡ଼ିଆ (ବାଗ)	
୨୫୯		୬୪୫	୦.୩୪	୦.୦୩	ମାଳ ମାଣୁଲି	
୨୬୦		୬୧୭	୦.୦୩	୧.୪୨	ଆଟ ମାଣୁଲି	
୨୬୧		୬୬୧	୦.୧୨	୦.୦୭	ବେର୍ଣ୍ଣା ମାଣୁଲି	
୨୬୨		୬୧୯	୦.୦୮	୦.୯୨	ବାହାଲ ମାଣୁଲି	
୨୬୩		୬୬୩	୦.୨୭	୦.୦୮	ଅନାବାଦ	
୨୬୪		୬୬୩୦	୦.୪୨	୦.୩୪	ମା.ମା./୪	
୨୬୫	୩୧	୬୬୬	୦.୯୨	୦.୨୦	ପଡ଼ିଆ (ଜଳ)	
୨୬୬		୬୪୬	୦.୦୫୯	୦.୦୫	ପଡ଼ିଆ (ବାଗ)	
୨୬୭		୬୧୮	୦.୦୫	୦.୪୨	ମାଳ ମାଣୁଲି	
୨୬୮		୬୬୯	୦.୦୭	୦.୧୨	ଆଟ ମାଣୁଲି	
୨୬୯		୬୧୪୮	୦.୧୬	୦.୧୦	ବେର୍ଣ୍ଣା ମାଣୁଲି	
୨୭୦		୬୧୪	୦.୨୦	୦.୧୬	ବାହାଲ ମାଣୁଲି	
୨୭୧		୬୪୫	୧.୪୨	୦.୦୫୯	ଅନାବାଦ	
୨୭୨		୬୧୭	୦.୧୦	୦.୨୭	ମା.ମା./୪	
୨୭୩		୬୬୧	୦.୩୪	୦.୦୩	ପଡ଼ିଆ (ଜଳ)	
୨୭୪	୩୨	୬୧୯	୦.୦୩	୧.୪୨	ପଡ଼ିଆ (ବାଗ)	
୨୭୫		୬୬୩	୦.୧୨	୦.୦୭	ମାଳ ମାଣୁଲି	
୨୭୬		୬୬୩୦	୦.୦୮	୦.୯୨	ଆଟ ମାଣୁଲି	
୨୭୭		୬୬୬	୦.୨୭	୦.୦୮	ବେର୍ଣ୍ଣା ମାଣୁଲି	
୨୭୮		୬୪୬	୦.୪୨	୦.୩୪	ବାହାଲ ମାଣୁଲି	
୨୭୯		୬୧୮	୦.୯୨	୦.୨୦	ଅନାବାଦ	
୨୮୦		୬୬୯	୦.୦୫୯	୦.୦୫	ମା.ମା./୪	
୨୮୧		୬୧୪୮	୦.୦୫	୦.୪୨	ପଡ଼ିଆ (ଜଳ)	
୨୮୨		୬୧୪	୦.୦୭	୦.୧୨	ପଡ଼ିଆ (ବାଗ)	
୨୮୩	୩୩	୬୪୫	୦.୧୬	୦.୧୦	ମାଳ ମାଣୁଲି	
୨୮୪		୬୧୭	୦.୨୦	୦.୧୬	ଆଟ ମାଣୁଲି	
୨୮୫		୬୬୧	୧.୪୨	୦.୦୫୯	ବେର୍ଣ୍ଣା ମାଣୁଲି	
୨୮୬		୬୧୯	୦.୧୦	୦.୨୭	ବାହାଲ ମାଣୁଲି	
୨୮୭		୬୬୩	୦.୩୪	୦.୦୩	ଅନାବାଦ	
୨୮୮		୬୬୩୦	୦.୦୩	୧.୪୨	ମା.ମା./୪	
୨୮୯		୬୬୬	୦.୧୨	୦.୦୭	ପଡ଼ିଆ (ଜଳ)	
୨୯୦		୬୪୬	୦.୦୮	୦.୯୨	ପଡ଼ିଆ (ବାଗ)	
୨୯୧		୬୧୮	୦.୨୭	୦.୦୮	ମାଳ ମାଣୁଲି	
୨୯୨	୩୪	୬୬୯	୦.୪୨	୦.୩୪	ଆଟ ମାଣୁଲି	
୨୯୩		୬୧୪୮	୦.୯୨	୦.୨୦	ବେର୍ଣ୍ଣା ମାଣୁଲି	
କ୍ରମିକ ସଂଖ୍ୟା	ଖାତା ନଂ.	ପ୍ଲଟ ନଂ.	ମୋଟ ରକବା	ଅଧିଗ୍ରହଣ ରକବା	କିସମ	ରୟତଙ୍କ ନାମ, ପିତା/ସ୍ୱାମୀଙ୍କ ନାମ/ ଇଚ୍ଛୁକ ପ୍ରାର୍ଥୀଙ୍କ ନାମ ଓ ଠିକଣା
୧	୨	୩	୪	୫	୬	୭
୪୫୦		୬୬୬	୦.୨୭	୦.୦୭	ମାଳ ମାଣୁଲି	
୪୫୧		୬୪୬	୦.୪୨	୦.୯୨	ଆଟ ମାଣୁଲି	
୪୫୨		୬୧୮	୦.୯୨	୦.୦୮	ବେର୍ଣ୍ଣା ମାଣୁଲି	
୪୫୩		୬୬୯	୦.୦୫୯	୦.୩୪	ବାହାଲ ମାଣୁଲି	ଧୂର୍ତ୍ତ ମଲ୍ଲିକ, ତରୁ ମଲ୍ଲିକ, ଦେଶୁତ୍ର ମଲ୍ଲିକ
୪୫୪	୩୧	୬୧୪୮	୦.୦୫	୦.୨୦	ଅନାବାଦ	
୪୫୫		୬୧୪	୦.୦୭	୦.୦୫	ମା.ମା./୪	
୪୫୬		୬୪୫	୦.୧୬	୦.୪୨	ପଡ଼ିଆ (ଜଳ)	
୪୫୭		୬୧୭	୦.୨୦	୦.୧୨	ପଡ଼ିଆ (ବାଗ)	
୪୫୮		୬୬୧	୧.୪୨	୦.୧୦	ମାଳ ମାଣୁଲି	
୪୫୯		୬୧୯	୦.୧୦	୦.୧୬	ଆଟ ମାଣୁଲି	
୪୬୦		୬୬୩	୦.୩୪	୦.୦୫୯	ବେର୍ଣ୍ଣା ମାଣୁଲି	
୪୬୧		୬୬୩୦	୦.୦୩	୦.୨୭	ବାହାଲ ମାଣୁଲି	
୪୬୨		୬୬୬	୦.୧୨	୦.୦୩	ଅନାବାଦ	ରାଜନୀତି ଗୁଡ଼, ପି. ଜଗତ ଗୁଡ଼
୪୬୩	୩୨	୬୪୬	୦.୦୮	୧.୪୨	ମା.ମା./୪	
୪୬୪		୬୧୮	୦.୨୭	୦.୦୭	ପଡ଼ିଆ (ଜଳ)	
୪୬୫		୬୬୯	୦.୪୨	୦.୯୨	ପଡ଼ିଆ (ବାଗ)	
୪୬୬		୬୧୪୮	୦.୯୨	୦.୦୮	ମାଳ ମାଣୁଲି	
୪୬୭		୬୧୪	୦.୦୫୯	୦.୩୪	ଆଟ ମାଣୁଲି	
୪୬୮		୬୪୫	୦.୦୫	୦.୨୦	ବେର୍ଣ୍ଣା ମାଣୁଲି	
୪୬୯		୬୧୭	୦.୦୭	୦.୦୫	ବାହାଲ ମାଣୁଲି	
୪୭୦		୬୬୧	୦.୧୬	୦.୪୨	ଅନାବାଦ	
୪୭୧		୬୧୯	୦.୨୦	୦.୧୨	ମା.ମା./୪	ଜିଲ୍ଲାନ ପୁତେଲ, ଚୈତନ୍ୟ ପୁତେଲ
୪୭୨	୩୩	୬୬୩	୧.୪୨	୦.୧୦	ପଡ଼ିଆ (ଜଳ)	
୪୭୩		୬୬୩୦	୦.୧୦	୦.୧୬	ପଡ଼ିଆ (ବାଗ)	
୪୭୪		୬୬୬	୦.୩୪	୦.୦୫୯	ମାଳ ମାଣୁଲି	
୪୭୫		୬୪୬	୦.୦୩	୦.୨୭	ଆଟ ମାଣୁଲି	
୪୭୬		୬୧୮	୦.୧୨	୦.୦୩	ବେର୍ଣ୍ଣା ମାଣୁଲି	
୪୭୭		୬୬୯	୦.୦୮	୧.୪୨	ବାହାଲ ମାଣୁଲି	
୪୭୮		୬୧୪୮	୦.୨୭	୦.୦୭	ଅନାବାଦ	
୪୭୯		୬୧୪	୦.୪୨	୦.୯୨	ମା.ମା./୪	
୪୮୦		୬୪୫	୦.୯୨	୦.୦୮	ପଡ଼ିଆ (ଜଳ)	ଜବୁଲୋଚନ ଉକୁରୁକୁଣ୍ଡିଆ, ପି. ରାଜ
୪୮୧	୩୪	୬୧୭	୦.୦୫୯	୦.୩୪	ପଡ଼ିଆ (ବାଗ)	
୪୮୨		୬୬୧	୦.୦୫	୦.୨୦	ମାଳ ମାଣୁଲି	
୪୮୩		୬୧୯	୦.୦୭	୦.୦୫	ଆଟ ମାଣୁଲି	
୪୮୪		୬୬୩	୦.୧୬	୦.୪୨	ବେର୍ଣ୍ଣା ମାଣୁଲି	
୪୮୫		୬୬୩୦	୦.୨୦	୦.୧୨	ବାହାଲ ମାଣୁଲି	
୪୮୬		୬୬୬	୧.୪୨	୦.୧୦	ଅନାବାଦ	
୪୮୭		୬୪୬	୦.୧୦	୦.୧୬	ମା.ମା./୪	
୪୮୮		୬୧୮	୦.୩୪	୦.୦୫୯	ପଡ଼ିଆ (ଜଳ)	
୪୮୯		୬୬୯	୦.୦୩	୦.୨୭	ପଡ଼ିଆ (ବାଗ)	ସରୋଜ ଭଲ୍ଲ ଉରାଡ଼, ସହଦେବ ଉରାଡ଼
୪୯୦	୩୫	୬୧୪୮	୦.୧୨	୦.୦୩	ମାଳ ମାଣୁଲି	
୪୯୧		୬୧୪	୦.୦୮	୧.୪୨	ଆଟ ମାଣୁଲି	
୪୯୨		୬୪୫	୦.୨୭	୦.୦୭	ବେର୍ଣ୍ଣା ମାଣୁଲି	
୪୯୩		୬୧୭	୦.୪୨	୦.୯୨	ବାହାଲ ମାଣୁଲି	
୪୯୪		୬୬୧	୦.୯୨	୦.୦୮	ଅନାବାଦ	
୪୯୫		୬୧୯	୦.୦୫୯	୦.୩୪	ମା.ମା./୪	
୪୯୬		୬୬୩	୦.୦୫	୦.୨୦	ପଡ଼ିଆ (ଜଳ)	
୪୯୭		୬୬୩୦	୦.୦୭	୦.୦୫	ପଡ଼ିଆ (ବାଗ)	
୪୯୮		୬୬୬	୦.୧୬	୦.୪୨	ମାଳ ମାଣୁଲି	ଦରବେସ୍ୱର ବନଛୋର, ପି. ଶିଲ୍ପ ବନଛୋର
୪୯୯	୩୬	୬୪୬	୦.୨୦	୦.୧୨	ଆଟ ମାଣୁଲି	
୫୦୦		୬୧୮	୧.୪୨	୦.୧୦	ବେର୍ଣ୍ଣା ମାଣୁଲି	
୫୦୧		୬୬୯	୦.୧୦	୦.୧୬	ବାହାଲ ମାଣୁଲି	
୫୦୨		୬୧୪୮	୦.୩୪	୦.୦୫୯	ଅନାବାଦ	
୫୦୩		୬୧୪	୦.୦୩	୦.୨୭	ମା.ମା./୪	
୫୦୪		୬୪୫	୦.୧୨	୦.୦୩	ପଡ଼ିଆ (ଜଳ)	
୫୦୫		୬୧୭	୦.୦୮	୧.୪୨	ପଡ଼ିଆ (ବାଗ)	
୫୦୬		୬୬୧	୦.୨୭	୦.୦୭	ମାଳ ମାଣୁଲି	
୫୦୭		୬୧୯	୦.୪୨	୦.୯୨	ଆଟ ମାଣୁଲି	
୫୦୮	୩୭	୬୬୩	୦.୯୨	୦.୦୮	ବେର୍ଣ୍ଣା ମାଣୁଲି	
୫୦୯		୬୬୩୦	୦.୦୫୯	୦.୩୪	ବାହାଲ ମାଣୁଲି	
୫୧୦		୬୬୬	୦.୦୫	୦.୨୦	ଅନାବାଦ	
୫୧୧		୬୪୬	୦.୦୭	୦.୦୫	ମା.ମା./୪	
୫୧୨		୬୧୮	୦.୧୬	୦.୪୨	ପଡ଼ିଆ (ଜଳ)	
୫୧୩		୬୬୯	୦.୨୦	୦.୧୨	ପଡ଼ିଆ (ବାଗ)	
୫୧୪		୬୧୪୮	୧.୪୨	୦.୧୦	ମାଳ ମାଣୁଲି	
୫୧୫		୬୧୪	୦.୧୦	୦.୧୬	ଆଟ ମାଣୁଲି	
୫୧୬		୬୪୫	୦.୩୪	୦.୦୫୯	ବେର୍ଣ୍ଣା ମାଣୁଲି	
୫୧୭	୩୮	୬୧୭	୦.୦୩	୦.୨୭	ବାହାଲ ମାଣୁଲି	
୫୧୮		୬୬୧	୦.୧୨	୦.୦୩	ଅନାବାଦ	
୫୧୯		୬୧୯	୦.୦୮	୧.୪୨	ମା.ମା./୪	
୫୨୦		୬୬୩	୦.୨୭	୦.୦୭	ପଡ଼ିଆ (ଜଳ)	
୫୨୧		୬୬୩୦	୦.୪୨	୦.୯୨	ପଡ଼ିଆ (ବାଗ)	
୫୨୨		୬୬୬	୦.୯୨	୦.୦୮	ମାଳ ମାଣୁଲି	
୫୨୩		୬୪୬	୦.୦୫୯	୦.୩୪	ଆଟ ମାଣୁଲି	
୫୨୪		୬୧୮	୦.୦୫	୦.୨୦	ବେର୍ଣ୍ଣା ମାଣୁଲି	
୫୨୫		୬୬୯	୦.୦୭	୦.୦୫	ବାହାଲ ମାଣୁଲି	
୫୨୬	୩୯	୬୧୪୮	୦.୧୬	୦.୪୨	ଅନାବାଦ	
୫୨୭		୬୧୪	୦.୨୦	୦.୧୨	ମା.ମା./୪	
୫୨୮		୬୪୫	୧.୪୨	୦.୧୦	ପଡ଼ିଆ (ଜଳ)	
୫୨୯		୬୧୭	୦.୧୦	୦.୧୬	ପଡ଼ିଆ (ବାଗ)	
୫୩୦		୬୬୧	୦.୩୪	୦.୦୫୯	ମାଳ ମାଣୁଲି	
୫୩୧		୬୧୯	୦.୦୩	୦.୨୭	ଆଟ ମାଣୁଲି	
୫୩୨		୬୬୩	୦.୧୨	୦.୦୩	ବେର୍ଣ୍ଣା ମାଣୁଲି	
୫୩୩		୬୬୩୦	୦.୦୮	୧.୪୨	ବାହାଲ ମାଣୁଲି	
୫୩୪		୬୬୬	୦.୨୭	୦.୦୭	ଅନାବାଦ	
୫୩୫	୪୦	୬୪୬	୦.୪୨	୦.୯୨	ମା.ମା./୪	
୫୩୬		୬୧୮	୦.୯୨	୦.୦୮	ପଡ଼ିଆ (ଜଳ)	
୫୩୭		୬୬୯	୦.୦୫୯	୦.୩୪	ପଡ଼ିଆ (ବାଗ)	
୫୩୮		୬୧୪୮	୦.୦୫	୦.୨୦	ମାଳ ମାଣୁଲି	
୫୩୯		୬୧୪	୦.୦୭	୦.୦୫	ଆଟ ମାଣୁଲି	
୫୪୦		୬୪୫	୦.୧୬	୦.୪୨	ବେର୍ଣ୍ଣା ମାଣୁଲି	
୫୪୧		୬୧୭	୦.୨୦	୦.୧୨	ବାହାଲ ମାଣୁଲି	
୫୪୨		୬୬୧	୧.୪୨	୦.୧୦	ଅନାବାଦ	
୫୪୩		୬୧୯	୦.୧୦	୦.୧୬	ମା.ମା./୪	
୫୪୪	୪୧	୬୬୩	୦.୩୪	୦.୦୫୯	ପଡ଼ିଆ (ଜଳ)	
୫୪୫		୬୬୩୦	୦.୦୩	୦.୨୭	ପଡ଼ିଆ (ବାଗ)	
୫୪୬		୬୬୬	୦.୧୨	୦.୦୩	ମାଳ ମାଣୁଲି	
୫୪୭		୬୪୬	୦.୦୮	୧.୪୨	ଆଟ ମାଣୁଲି	
୫୪୮		୬୧୮	୦.୨୭	୦.୦୭	ବେର୍ଣ୍ଣା ମାଣୁଲି	
୫୪୯		୬୬୯	୦.୪୨	୦.୯୨	ବାହାଲ ମାଣୁଲି	
୫୫୦		୬୧୪୮	୦.୯୨	୦.୦୮	ଅନାବାଦ	
୫୫୧		୬୧୪	୦.୦୫୯	୦.୩୪	ମା.ମା./୪	
୫୫୨		୬୪୫	୦.୦୫	୦.୨୦	ପଡ଼ିଆ (ଜଳ)	
୫୫୩	୪୨	୬୧୭	୦.୦୭	୦.୦୫	ପଡ଼ିଆ (ବାଗ)	
୫୫୪		୬୬୧	୦.୧୬	୦.୪୨	ମାଳ ମାଣୁଲି	
୫୫୫		୬୧୯	୦.୨୦	୦.୧୨	ଆଟ ମାଣୁଲି	
୫୫୬		୬୬୩	୧.୪୨	୦.୧୦	ବେର୍ଣ୍ଣା ମାଣୁଲି	
୫୫୭		୬୬୩୦	୦.୧୦	୦.୧୬	ବାହାଲ ମାଣୁଲି	
୫୫୮		୬୬୬	୦.୩୪	୦.୦୫୯	ଅନାବାଦ	
୫୫୯		୬୪୬	୦.୦୩	୦.୨୭	ମା.ମା./୪	
୫୬୦		୬୧୮	୦.୧୨	୦.୦୩	ପଡ଼ିଆ (ଜଳ)	
୫୬୧		୬୬୯	୦.୦୮	୧.୪୨	ପଡ଼ିଆ (ବାଗ)	
୫୬୨	୪୩	୬୧୪୮	୦.୨୭	୦.୦୭	ମାଳ ମାଣୁଲି	
୫୬୩		୬୧୪	୦.୪୨	୦.୯୨	ଆଟ ମାଣୁଲି	
୫୬୪		୬୪୫	୦.୯୨	୦.୦୮	ବେର୍ଣ୍ଣା ମାଣୁଲି	
୫୬୫		୬୧୭	୦.୦୫୯	୦.୩୪	ବାହାଲ ମାଣୁଲି	
୫୬୬		୬୬୧	୦.୦୫	୦.୨୦	ଅନାବାଦ	
୫୬୭		୬୧୯	୦.୦୭	୦.୦୫	ମା.ମା./୪	
୫୬୮		୬୬୩	୦.୧୬	୦.୪୨	ପଡ଼ିଆ (ଜଳ)	
୫୬୯		୬୬୩୦	୦.୨୦	୦.୧୨	ପଡ଼ିଆ (ବାଗ)	
୫୭୦		୬୬୬	୧.୪୨	୦.୧୦	ମାଳ ମାଣୁଲି	
୫୭୧	୪୪	୬୪୬	୦.୧୦	୦.୧୬	ଆଟ ମାଣୁଲି	
୫୭୨		୬୧୮	୦.୩୪	୦.୦୫୯	ବେର୍ଣ୍ଣା ମାଣୁଲି	
୫୭୩		୬୬୯	୦.୦୩	୦.୨୭	ବାହାଲ ମାଣୁଲି	
୫୭୪		୬୧୪୮	୦.୧୨	୦.୦୩	ଅନାବାଦ	
୫୭୫		୬୧୪	୦.୦୮	୧.୪୨	ମା.ମା./୪	
୫୭୬		୬୪୫	୦.୨୭	୦.୦୭	ପଡ଼ିଆ (ଜଳ)	
୫୭୭		୬୧୭	୦.୪୨	୦.୯୨	ପଡ଼ିଆ (ବାଗ)	
୫୭୮		୬୬୧	୦.୯୨	୦.୦୮	ମାଳ ମାଣୁଲି	
୫୭୯		୬୧୯	୦.୦୫୯	୦.୩୪	ଆଟ ମାଣୁଲି	
୫୮୦	୪୫	୬୬୩	୦.୦୫	୦.୨୦	ବେର୍ଣ୍ଣା ମାଣୁଲି	
୫୮୧		୬୬୩୦	୦.୦୭	୦.୦୫	ବାହାଲ ମାଣୁଲି	
୫୮୨		୬୬୬	୦.୧୬	୦.୪୨	ଅନାବାଦ	
୫୮୩		୬୪୬	୦.୨୦	୦.୧୨	ମା.ମା./୪	
୫୮୪		୬୧୮	୧.୪୨	୦.୧୦	ପଡ଼ିଆ (ଜଳ)	
୫୮୫		୬୬୯	୦.୧୦	୦.୧୬	ପଡ଼ିଆ (ବାଗ)	
୫୮୬		୬୧୪୮	୦.୩୪	୦.୦୫୯	ମାଳ ମାଣୁଲି	
୫୮୭		୬୧୪	୦.୦୩	୦.୨୭	ଆଟ ମାଣୁଲି	
୫୮୮		୬୪୫	୦.୧୨	୦.୦୩	ବେର୍ଣ୍ଣା ମାଣୁଲି	
୫୮୯	୪୬	୬୧୭	୦.୦୮	୧.୪୨	ବାହାଲ ମାଣୁଲି	
୫୯୦		୬୬୧	୦.୨୭	୦.୦୭	ଅନାବାଦ	
୫୯୧		୬୧୯	୦.୪୨	୦.୯୨	ମା.ମା./୪	
୫୯୨		୬୬୩	୦.୯୨	୦.୦୮	ପଡ଼ିଆ (ଜଳ)	
୫୯୩		୬୬୩୦	୦.୦୫୯	୦.୩୪	ପଡ଼ିଆ (ବାଗ)	
୫୯୪		୬୬୬	୦.୦୫	୦.୨୦	ମାଳ ମାଣୁଲି	
୫୯୫		୬୪୬	୦.୦୭	୦.୦୫	ଆଟ ମାଣୁଲି	
୫୯୬		୬୧୮	୦.୧୬	୦.୪୨	ବେର୍ଣ୍ଣା ମାଣୁଲି	
୫୯୭		୬୬୯	୦.୨୦	୦.୧୨	ବାହାଲ ମାଣୁଲି	
୫୯୮	୪୭	୬୧୪୮	୧.୪୨	୦.୧୦	ଅନାବାଦ	
୫୯୯		୬୧୪	୦.୧୦	୦.୧୬	ମା.ମା./୪	
୬୦୦		୬୪୫	୦.୩୪	୦.୦୫୯	ପଡ଼ିଆ (ଜଳ)	
୬୦୧		୬୧୭	୦.୦୩	୦.୨୭	ପଡ଼ିଆ (ବାଗ)	
୬୦୨		୬୬୧	୦.୧୨	୦.୦୩	ମାଳ ମାଣୁଲି	
୬୦୩		୬୧୯	୦.୦୮	୧.୪୨	ଆଟ ମାଣୁଲି	
୬୦୪		୬୬୩	୦.୨୭	୦.୦୭	ବେର୍ଣ୍ଣା ମାଣୁଲି	
୬୦୫		୬୬୩୦	୦.୪୨	୦.୯୨	ବାହାଲ ମାଣୁଲି	
୬୦୬		୬୬୬	୦.୯୨	୦.୦୮	ଅନାବାଦ	
୬୦୭	୪୮	୬୪୬	୦.୦୫୯	୦.୩୪	ମା.ମା./୪	
୬୦୮		୬୧୮	୦.୦୫	୦.୨୦	ପଡ଼ିଆ (ଜଳ)	
୬୦୯		୬୬୯	୦.୦୭	୦.୦୫	ପଡ଼ିଆ (ବାଗ)	
୬୧୦		୬୧୪୮	୦.୧୬	୦.୪୨	ମାଳ ମାଣୁଲି	
୬୧୧		୬୧୪	୦.୨୦	୦.୧୨	ଆଟ ମାଣୁଲି	
୬୧୨		୬୪୫	୧.୪୨	୦.୧୦	ବେର୍ଣ୍ଣା ମାଣୁଲି	
୬୧୩		୬୧୭	୦.୧୦	୦.୧୬	ବାହାଲ ମାଣୁଲି	
୬୧୪		୬୬୧	୦.୩୪	୦.୦୫୯	ଅନାବାଦ	
୬୧୫		୬୧୯	୦.୦୩	୦.୨୭	ମା.ମା./୪	
୬୧୬	୪୯	୬୬୩	୦.୧୨	୦.୦୩	ପଡ଼ିଆ (ଜଳ)	
୬୧୭		୬୬୩୦	୦.୦୮	୧.୪୨	ପଡ଼ିଆ (ବାଗ)	
୬୧୮		୬୬୬	୦.୨୭	୦.୦୭	ମାଳ ମାଣୁଲି	
୬୧୯		୬୪୬	୦.୪୨	୦.୯୨	ଆଟ ମାଣୁଲି	
୬୨୦		୬୧୮	୦.୯୨	୦.୦୮	ବେର୍ଣ୍ଣା ମାଣୁଲି	
୬୨୧		୬୬୯	୦.୦୫୯	୦.୩୪	ବାହାଲ ମାଣୁଲି	
୬୨୨		୬୧୪୮	୦.୦୫	୦.୨୦	ଅନାବାଦ	
୬୨୩		୬୧୪	୦.୦୭	୦.୦୫	ମା.ମା./୪	
୬୨୪		୬୪୫	୦.୧୬	୦.୪୨	ପଡ଼ିଆ (ଜଳ)	
୬୨୫	୫୦	୬୧୭	୦.୨୦	୦.୧୨	ପଡ଼ିଆ (ବାଗ)	
୬୨୬		୬୬୧	୧.୪୨	୦.୧୦	ମାଳ ମାଣୁଲି	
୬୨୭		୬୧୯	୦.୧୦	୦.୧୬	ଆଟ ମାଣୁଲି	
୬୨୮		୬୬୩	୦.୩୪	୦.୦୫୯	ବେର୍ଣ୍ଣା ମାଣୁଲି	
୬୨୯		୬୬୩୦	୦.୦୩	୦.୨୭	ବାହାଲ ମାଣୁଲି	
୬୩୦		୬୬୬	୦.୧୨	୦.୦୩	ଅନାବାଦ	
୬୩୧		୬୪୬	୦.୦୮	୧.୪୨	ମା.ମା./୪	
୬୩୨		୬୧୮	୦.୨୭	୦.୦୭	ପଡ଼ିଆ (ଜଳ)	
୬୩୩		୬୬୯	୦.୪୨	୦.୯୨	ପଡ଼ିଆ (ବାଗ)	
୬୩୪	୫୧	୬୧୪୮	୦.୯୨	୦.୦୮	ମାଳ ମାଣୁଲି	
୬୩୫		୬୧୪	୦.୦୫୯	୦.୩୪	ଆଟ ମାଣୁଲି	
୬୩୬		୬୪୫	୦.୦୫	୦.୨୦	ବେର୍ଣ୍ଣା ମାଣୁଲି	
୬୩୭		୬୧୭	୦.୦୭	୦.୦୫	ବାହାଲ ମାଣୁଲି	
୬୩୮		୬୬୧	୦.୧୬	୦.୪୨	ଅନାବାଦ	
୬୩୯		୬୧୯	୦.୨୦	୦.୧୨	ମା.ମା./୪	
୬୪୦		୬୬୩	୧.୪୨	୦.୧୦	ପଡ଼ିଆ (ଜଳ)	
୬୪୧		୬୬୩୦	୦.୧୦	୦.୧୬	ପଡ଼ିଆ (ବାଗ)	
୬୪୨		୬୬୬	୦.୩୪	୦.୦୫୯	ମାଳ ମାଣୁଲି	
୬୪୩	୫୨	୬୪୬	୦.୦୩	୦.୨୭	ଆଟ ମାଣୁଲି	
୬୪୪		୬୧୮	୦.୧୨	୦.୦୩	ବେର୍ଣ୍ଣା ମାଣୁଲି	
୬୪୫		୬୬୯	୦.୦୮	୧.୪୨	ବାହାଲ ମାଣୁଲି	
୬୪୬		୬୧୪୮	୦.୨୭	୦.୦୭	ଅନାବାଦ	
୬୪୭		୬୧୪	୦.୪୨	୦.୯୨	ମା.ମା./୪	
୬୪୮		୬୪୫	୦.୯୨	୦.୦୮	ପଡ଼ିଆ (ଜଳ)	
୬୪୯		୬୧୭	୦.୦୫୯	୦.୩୪	ପଡ଼ିଆ (ବାଗ)	
୬୫୦		୬୬୧	୦.୦୫	୦.୨୦	ମାଳ ମାଣୁଲି	
୬୫୧		୬୧୯	୦.୦୭	୦.୦୫	ଆଟ ମାଣୁଲି	
୬୫୨	୫୩	୬୬୩	୦.୧୬	୦.୪୨	ବେର୍ଣ୍ଣା ମାଣୁଲି	
୬୫୩		୬୬୩୦	୦.୨୦	୦.୧୨	ବାହାଲ ମାଣୁଲି	
